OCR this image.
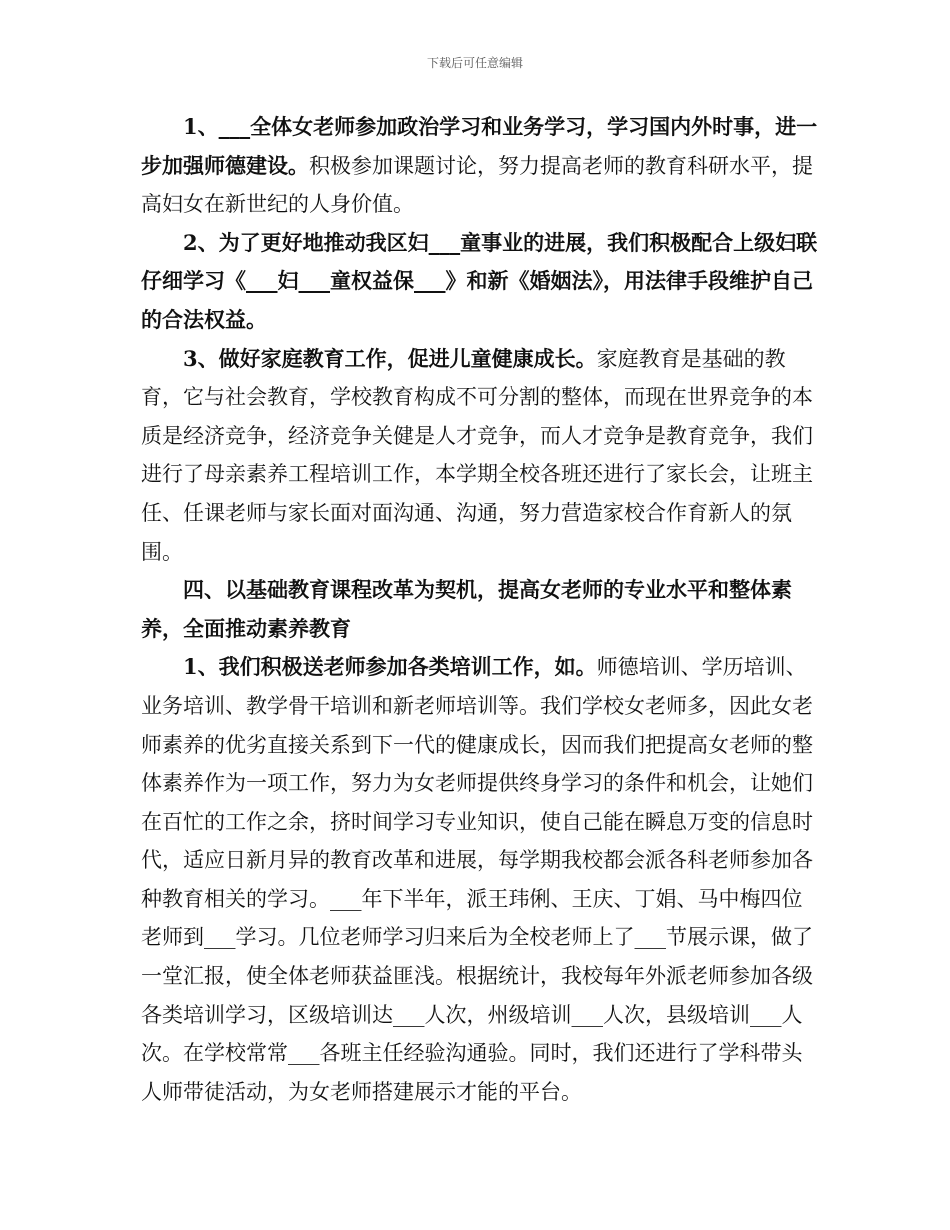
下载后可任意编辑

1、___全体女老师参加政治学习和业务学习，学习国内外时事，进一步加强师德建设。积极参加课题讨论，努力提高老师的教育科研水平，提高妇女在新世纪的人身价值。

2、为了更好地推动我区妇___童事业的进展，我们积极配合上级妇联仔细学习《___妇___童权益保___》和新《婚姻法》，用法律手段维护自己的合法权益。

3、做好家庭教育工作，促进儿童健康成长。家庭教育是基础的教育，它与社会教育，学校教育构成不可分割的整体，而现在世界竞争的本质是经济竞争，经济竞争关健是人才竞争，而人才竞争是教育竞争，我们进行了母亲素养工程培训工作，本学期全校各班还进行了家长会，让班主任、任课老师与家长面对面沟通、沟通，努力营造家校合作育新人的氛围。

四、以基础教育课程改革为契机，提高女老师的专业水平和整体素养，全面推动素养教育

1、我们积极送老师参加各类培训工作，如。师德培训、学历培训、业务培训、教学骨干培训和新老师培训等。我们学校女老师多，因此女老师素养的优劣直接关系到下一代的健康成长，因而我们把提高女老师的整体素养作为一项工作，努力为女老师提供终身学习的条件和机会，让她们在百忙的工作之余，挤时间学习专业知识，使自己能在瞬息万变的信息时代，适应日新月异的教育改革和进展，每学期我校都会派各科老师参加各种教育相关的学习。___年下半年，派王玮俐、王庆、丁娟、马中梅四位老师到___学习。几位老师学习归来后为全校老师上了___节展示课，做了一堂汇报，使全体老师获益匪浅。根据统计，我校每年外派老师参加各级各类培训学习，区级培训达___人次，州级培训___人次，县级培训___人次。在学校常常___各班主任经验沟通验。同时，我们还进行了学科带头人师带徒活动，为女老师搭建展示才能的平台。
